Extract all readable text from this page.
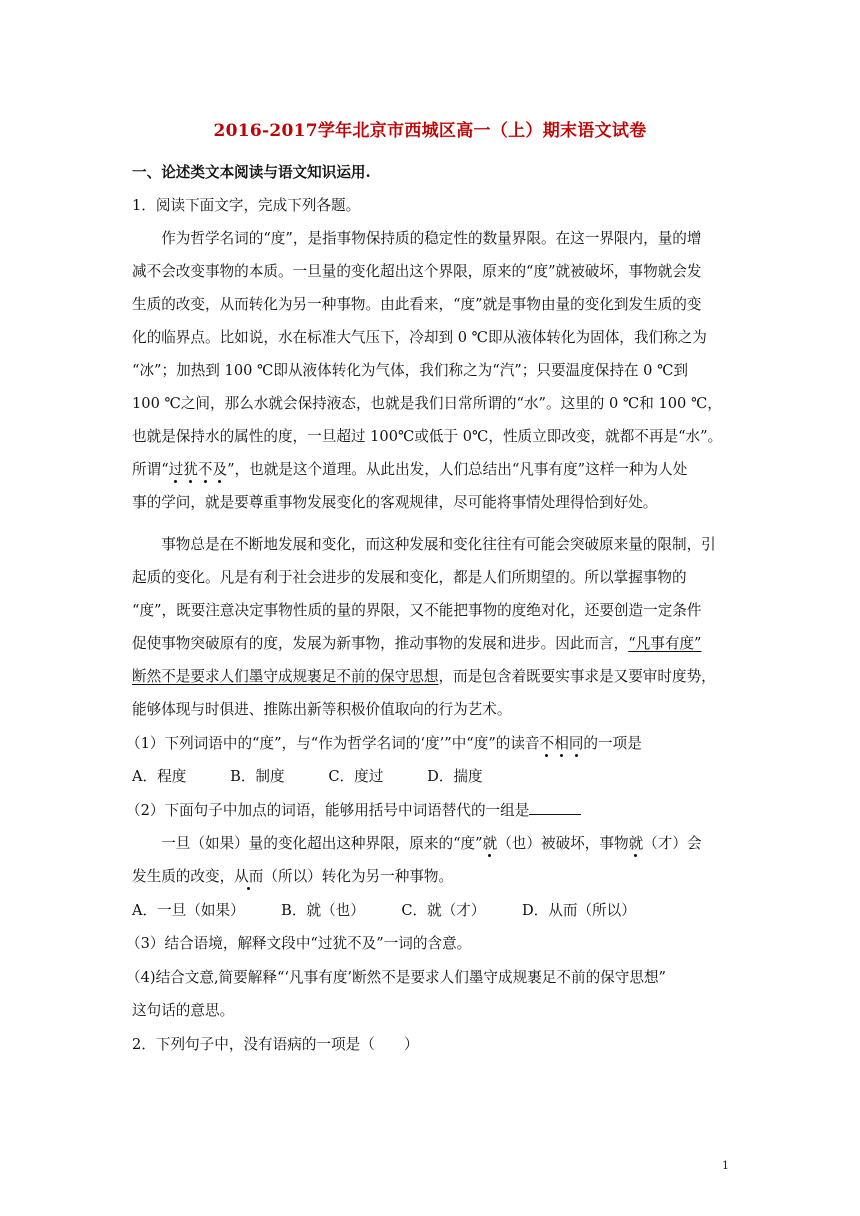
2016-2017学年北京市西城区高一（上）期末语文试卷
一、论述类文本阅读与语文知识运用.
1．阅读下面文字，完成下列各题。
　　作为哲学名词的“度”，是指事物保持质的稳定性的数量界限。在这一界限内，量的增
减不会改变事物的本质。一旦量的变化超出这个界限，原来的“度”就被破坏，事物就会发
生质的改变，从而转化为另一种事物。由此看来，“度”就是事物由量的变化到发生质的变
化的临界点。比如说，水在标准大气压下，冷却到 0 ℃即从液体转化为固体，我们称之为
“冰”；加热到 100 ℃即从液体转化为气体，我们称之为“汽”；只要温度保持在 0 ℃到
100 ℃之间，那么水就会保持液态，也就是我们日常所谓的“水”。这里的 0 ℃和 100 ℃，
也就是保持水的属性的度，一旦超过 100℃或低于 0℃，性质立即改变，就都不再是“水”。
所谓“过犹不及”，也就是这个道理。从此出发，人们总结出“凡事有度”这样一种为人处
事的学问，就是要尊重事物发展变化的客观规律，尽可能将事情处理得恰到好处。
　　事物总是在不断地发展和变化，而这种发展和变化往往有可能会突破原来量的限制，引
起质的变化。凡是有利于社会进步的发展和变化，都是人们所期望的。所以掌握事物的
“度”，既要注意决定事物性质的量的界限，又不能把事物的度绝对化，还要创造一定条件
促使事物突破原有的度，发展为新事物，推动事物的发展和进步。因此而言，“凡事有度”
断然不是要求人们墨守成规裹足不前的保守思想，而是包含着既要实事求是又要审时度势，
能够体现与时俱进、推陈出新等积极价值取向的行为艺术。
（1）下列词语中的“度”，与“作为哲学名词的‘度’”中“度”的读音不相同的一项是
A．程度　　　B．制度　　　C．度过　　　D．揣度
（2）下面句子中加点的词语，能够用括号中词语替代的一组是
　　一旦（如果）量的变化超出这种界限，原来的“度”就（也）被破坏，事物就（才）会
发生质的改变，从而（所以）转化为另一种事物。
A．一旦（如果）　　　B．就（也）　　　C．就（才）　　　D．从而（所以）
（3）结合语境，解释文段中“过犹不及”一词的含意。
（4)结合文意,简要解释“‘凡事有度’断然不是要求人们墨守成规裹足不前的保守思想”
这句话的意思。
2．下列句子中，没有语病的一项是（　　）
1
